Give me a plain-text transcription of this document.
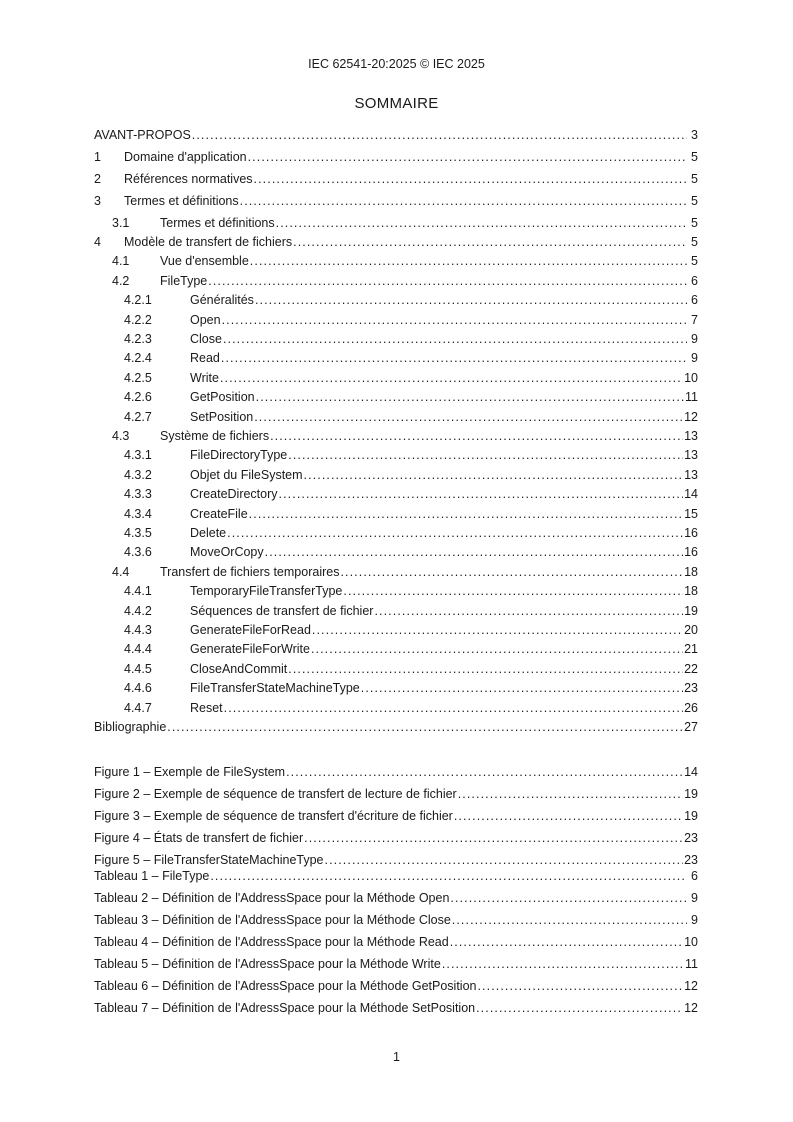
IEC 62541-20:2025 © IEC 2025
SOMMAIRE
AVANT-PROPOS .....	3
1	Domaine d'application .....	5
2	Références normatives .....	5
3	Termes et définitions .....	5
3.1	Termes et définitions .....	5
4	Modèle de transfert de fichiers .....	5
4.1	Vue d'ensemble .....	5
4.2	FileType .....	6
4.2.1	Généralités .....	6
4.2.2	Open .....	7
4.2.3	Close .....	9
4.2.4	Read .....	9
4.2.5	Write .....	10
4.2.6	GetPosition .....	11
4.2.7	SetPosition .....	12
4.3	Système de fichiers .....	13
4.3.1	FileDirectoryType .....	13
4.3.2	Objet du FileSystem .....	13
4.3.3	CreateDirectory .....	14
4.3.4	CreateFile .....	15
4.3.5	Delete .....	16
4.3.6	MoveOrCopy .....	16
4.4	Transfert de fichiers temporaires .....	18
4.4.1	TemporaryFileTransferType .....	18
4.4.2	Séquences de transfert de fichier .....	19
4.4.3	GenerateFileForRead .....	20
4.4.4	GenerateFileForWrite .....	21
4.4.5	CloseAndCommit .....	22
4.4.6	FileTransferStateMachineType .....	23
4.4.7	Reset .....	26
Bibliographie .....	27
Figure 1 – Exemple de FileSystem .....	14
Figure 2 – Exemple de séquence de transfert de lecture de fichier .....	19
Figure 3 – Exemple de séquence de transfert d'écriture de fichier .....	19
Figure 4 – États de transfert de fichier .....	23
Figure 5 – FileTransferStateMachineType .....	23
Tableau 1 – FileType .....	6
Tableau 2 – Définition de l'AddressSpace pour la Méthode Open .....	9
Tableau 3 – Définition de l'AddressSpace pour la Méthode Close .....	9
Tableau 4 – Définition de l'AddressSpace pour la Méthode Read .....	10
Tableau 5 – Définition de l'AdressSpace pour la Méthode Write .....	11
Tableau 6 – Définition de l'AdressSpace pour la Méthode GetPosition .....	12
Tableau 7 – Définition de l'AdressSpace pour la Méthode SetPosition .....	12
1
